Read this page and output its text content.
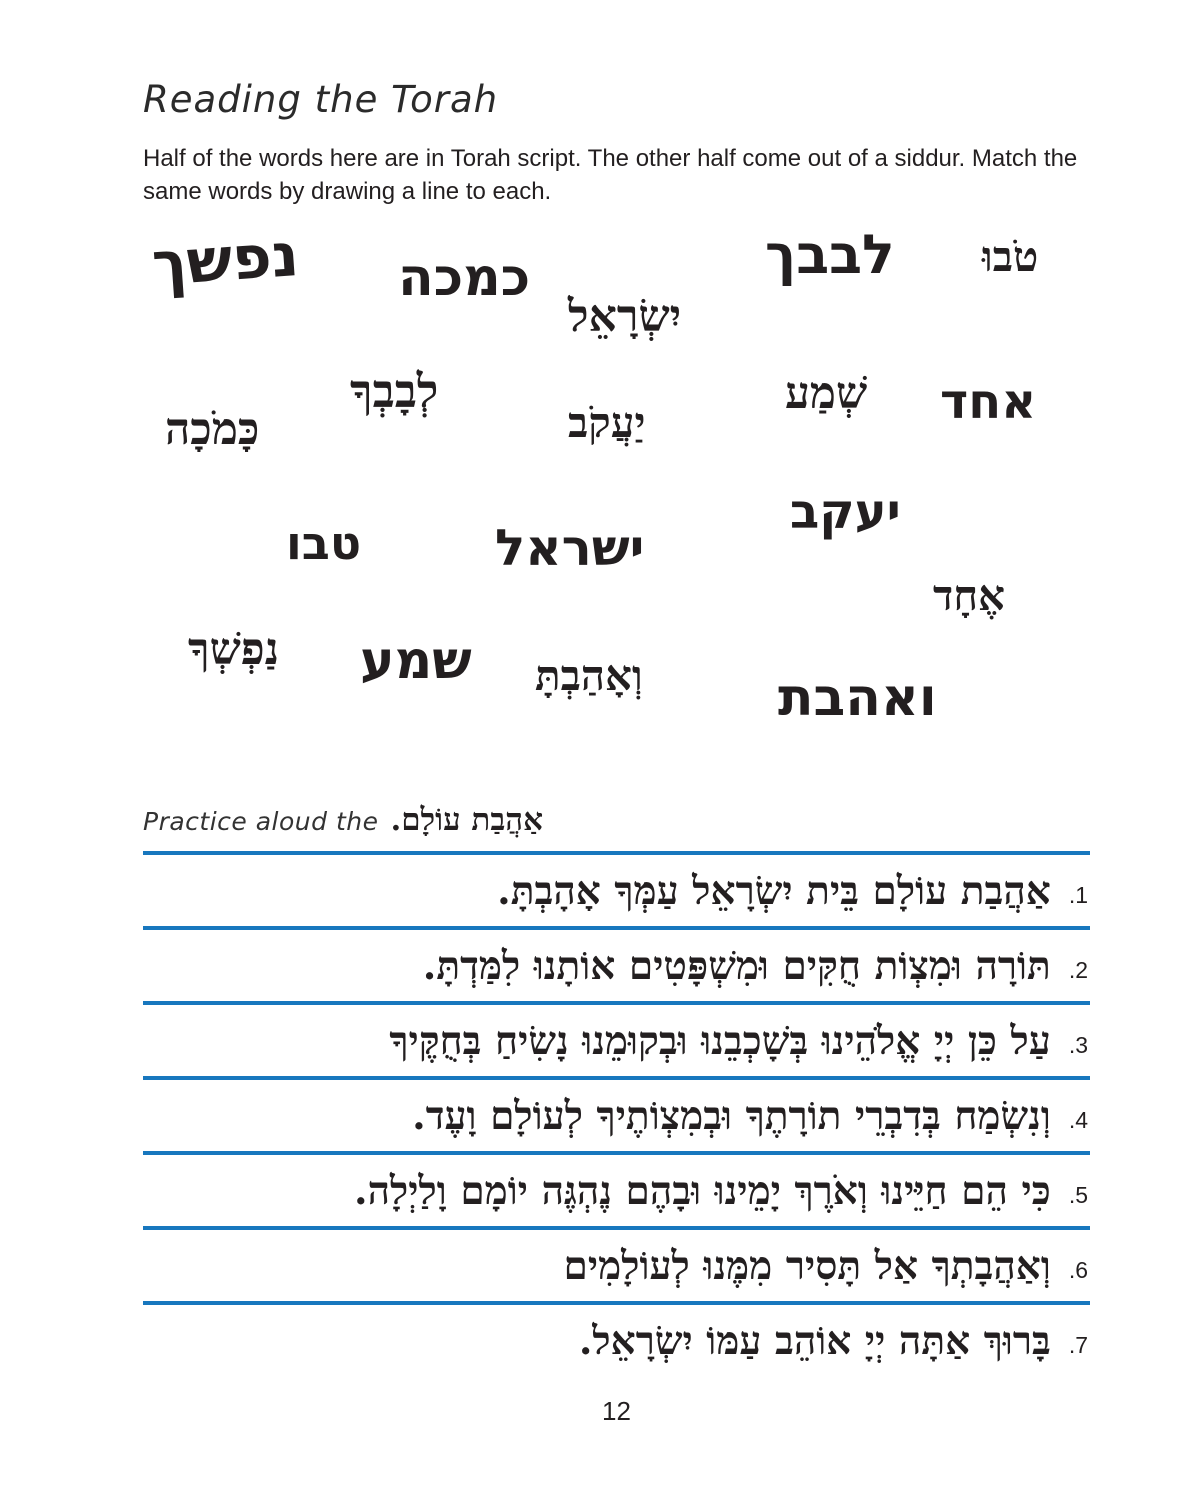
Reading the Torah

Half of the words here are in Torah script. The other half come out of a siddur. Match the same words by drawing a line to each.

נפשך כמכה	לבבך טֹבוּ
יִשְׂרָאֵל
לְבָבְךָ	שְׁמַע אחד
יַעֲקֹב
כָּמֹכָה
יעקב
טבו	ישראל
אֶחָד
נַפְשְׁךָ שמע וְאָהַבְתָּ	ואהבת
Practice aloud the אַהֲבַת עוֹלָם.
1.
אַהֲבַת עוֹלָם בֵּית יִשְׂרָאֵל עַמְּךָ אָהָבְתָּ.
2.
תּוֹרָה וּמִצְוֹת חֻקִּים וּמִשְׁפָּטִים אוֹתָנוּ לִמַּדְתָּ.
3.
עַל כֵּן יְיָ אֱלֹהֵינוּ בְּשָׁכְבֵנוּ וּבְקוּמֵנוּ נָשִׂיחַ בְּחֻקֶּיךָ
4.
וְנִשְׂמַח בְּדִבְרֵי תוֹרָתֶךָ וּבְמִצְוֹתֶיךָ לְעוֹלָם וָעֶד.
5.
כִּי הֵם חַיֵּינוּ וְאֹרֶךְ יָמֵינוּ וּבָהֶם נֶהְגֶּה יוֹמָם וָלַיְלָה.
6.
וְאַהֲבָתְךָ אַל תָּסִיר מִמֶּנוּ לְעוֹלָמִים
7.
בָּרוּךְ אַתָּה יְיָ אוֹהֵב עַמּוֹ יִשְׂרָאֵל.
12
